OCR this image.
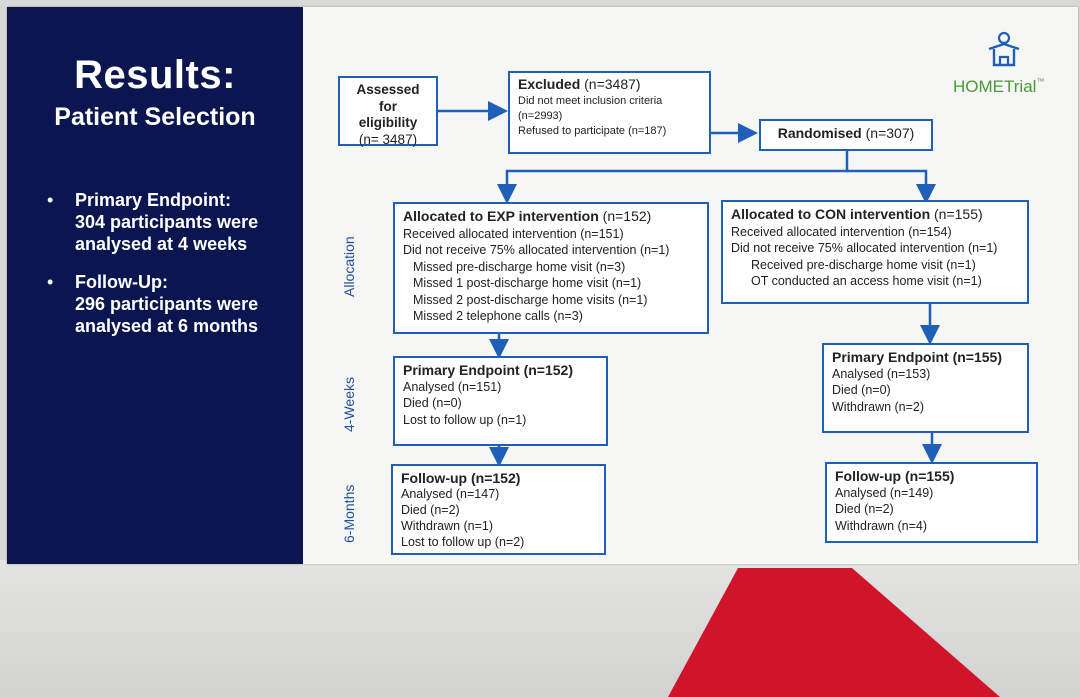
Results:
Patient Selection
• Primary Endpoint:
304 participants were analysed at 4 weeks
• Follow-Up:
296 participants were analysed at 6 months
HOMETrial™
Allocation
4-Weeks
6-Months
Assessed for
eligibility
(n= 3487)
Excluded (n=3487)
Did not meet inclusion criteria
(n=2993)
Refused to participate (n=187)	Randomised (n=307)
Allocated to EXP intervention (n=152)
Received allocated intervention (n=151)
Did not receive 75% allocated intervention (n=1)
Missed pre-discharge home visit (n=3)
Missed 1 post-discharge home visit (n=1)
Missed 2 post-discharge home visits (n=1)
Missed 2 telephone calls (n=3)
Allocated to CON intervention (n=155)
Received allocated intervention (n=154)
Did not receive 75% allocated intervention (n=1)
Received pre-discharge home visit (n=1)
OT conducted an access home visit (n=1)
Primary Endpoint (n=152)
Analysed (n=151)
Died (n=0)
Lost to follow up (n=1)
Primary Endpoint (n=155)
Analysed (n=153)
Died (n=0)
Withdrawn (n=2)
Follow-up (n=152)
Analysed (n=147)
Died (n=2)
Withdrawn (n=1)
Lost to follow up (n=2)
Follow-up (n=155)
Analysed (n=149)
Died (n=2)
Withdrawn (n=4)
